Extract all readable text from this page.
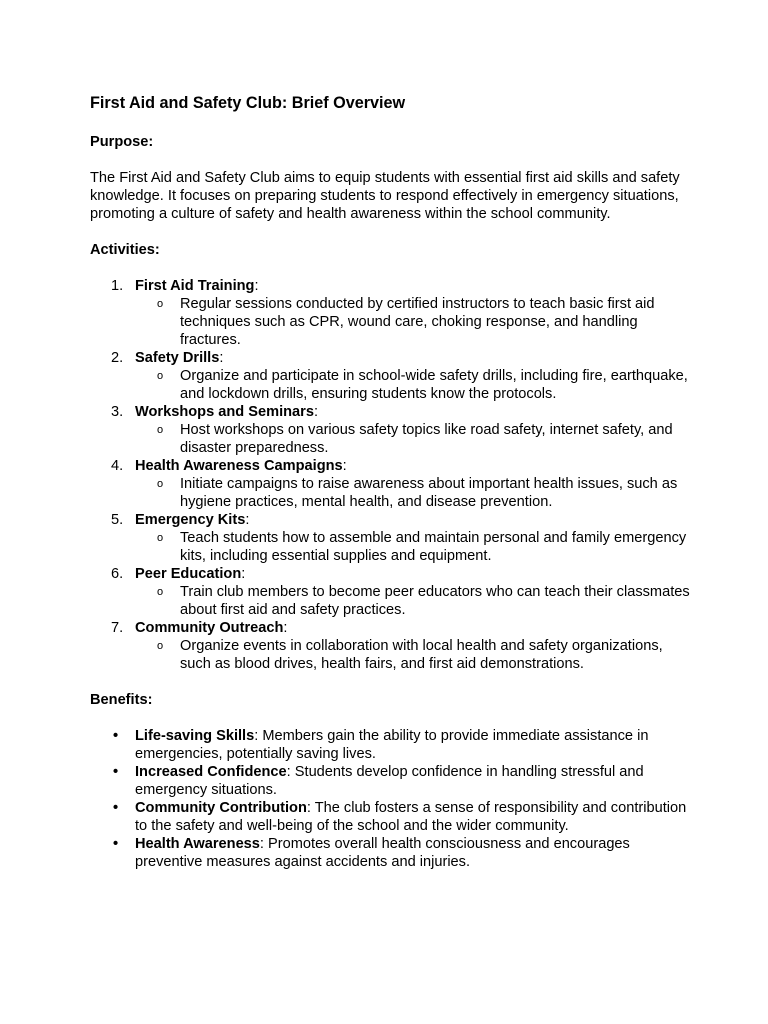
First Aid and Safety Club: Brief Overview
Purpose:
The First Aid and Safety Club aims to equip students with essential first aid skills and safety knowledge. It focuses on preparing students to respond effectively in emergency situations, promoting a culture of safety and health awareness within the school community.
Activities:
1. First Aid Training:
o Regular sessions conducted by certified instructors to teach basic first aid techniques such as CPR, wound care, choking response, and handling fractures.
2. Safety Drills:
o Organize and participate in school-wide safety drills, including fire, earthquake, and lockdown drills, ensuring students know the protocols.
3. Workshops and Seminars:
o Host workshops on various safety topics like road safety, internet safety, and disaster preparedness.
4. Health Awareness Campaigns:
o Initiate campaigns to raise awareness about important health issues, such as hygiene practices, mental health, and disease prevention.
5. Emergency Kits:
o Teach students how to assemble and maintain personal and family emergency kits, including essential supplies and equipment.
6. Peer Education:
o Train club members to become peer educators who can teach their classmates about first aid and safety practices.
7. Community Outreach:
o Organize events in collaboration with local health and safety organizations, such as blood drives, health fairs, and first aid demonstrations.
Benefits:
• Life-saving Skills: Members gain the ability to provide immediate assistance in emergencies, potentially saving lives.
• Increased Confidence: Students develop confidence in handling stressful and emergency situations.
• Community Contribution: The club fosters a sense of responsibility and contribution to the safety and well-being of the school and the wider community.
• Health Awareness: Promotes overall health consciousness and encourages preventive measures against accidents and injuries.
